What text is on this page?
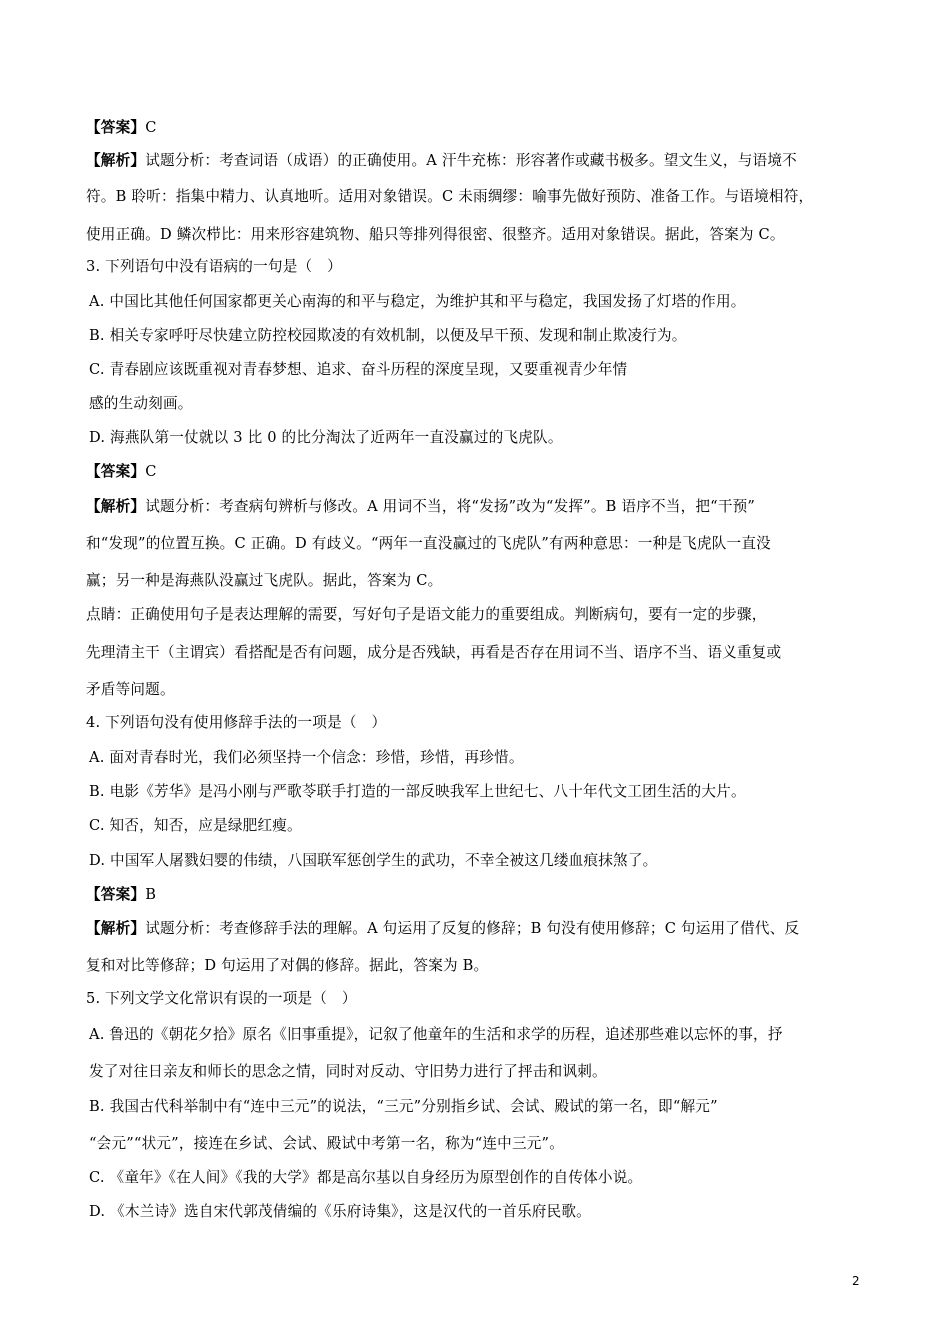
【答案】C
【解析】试题分析：考查词语（成语）的正确使用。A 汗牛充栋：形容著作或藏书极多。望文生义，与语境不
符。B 聆听：指集中精力、认真地听。适用对象错误。C 未雨绸缪：喻事先做好预防、准备工作。与语境相符，
使用正确。D 鳞次栉比：用来形容建筑物、船只等排列得很密、很整齐。适用对象错误。据此，答案为 C。
3. 下列语句中没有语病的一句是（　）
A. 中国比其他任何国家都更关心南海的和平与稳定，为维护其和平与稳定，我国发扬了灯塔的作用。
B. 相关专家呼吁尽快建立防控校园欺凌的有效机制，以便及早干预、发现和制止欺凌行为。
C. 青春剧应该既重视对青春梦想、追求、奋斗历程的深度呈现，又要重视青少年情
感的生动刻画。
D. 海燕队第一仗就以 3 比 0 的比分淘汰了近两年一直没赢过的飞虎队。
【答案】C
【解析】试题分析：考查病句辨析与修改。A 用词不当，将“发扬”改为“发挥”。B 语序不当，把“干预”
和“发现”的位置互换。C 正确。D 有歧义。“两年一直没赢过的飞虎队”有两种意思：一种是飞虎队一直没
赢；另一种是海燕队没赢过飞虎队。据此，答案为 C。
点睛：正确使用句子是表达理解的需要，写好句子是语文能力的重要组成。判断病句，要有一定的步骤，
先理清主干（主谓宾）看搭配是否有问题，成分是否残缺，再看是否存在用词不当、语序不当、语义重复或
矛盾等问题。
4. 下列语句没有使用修辞手法的一项是（　）
A. 面对青春时光，我们必须坚持一个信念：珍惜，珍惜，再珍惜。
B. 电影《芳华》是冯小刚与严歌苓联手打造的一部反映我军上世纪七、八十年代文工团生活的大片。
C. 知否，知否，应是绿肥红瘦。
D. 中国军人屠戮妇婴的伟绩，八国联军惩创学生的武功，不幸全被这几缕血痕抹煞了。
【答案】B
【解析】试题分析：考查修辞手法的理解。A 句运用了反复的修辞；B 句没有使用修辞；C 句运用了借代、反
复和对比等修辞；D 句运用了对偶的修辞。据此，答案为 B。
5. 下列文学文化常识有误的一项是（　）
A. 鲁迅的《朝花夕拾》原名《旧事重提》，记叙了他童年的生活和求学的历程，追述那些难以忘怀的事，抒
发了对往日亲友和师长的思念之情，同时对反动、守旧势力进行了抨击和讽刺。
B. 我国古代科举制中有“连中三元”的说法，“三元”分别指乡试、会试、殿试的第一名，即“解元”
“会元”“状元”，接连在乡试、会试、殿试中考第一名，称为“连中三元”。
C. 《童年》《在人间》《我的大学》都是高尔基以自身经历为原型创作的自传体小说。
D. 《木兰诗》选自宋代郭茂倩编的《乐府诗集》，这是汉代的一首乐府民歌。
2
